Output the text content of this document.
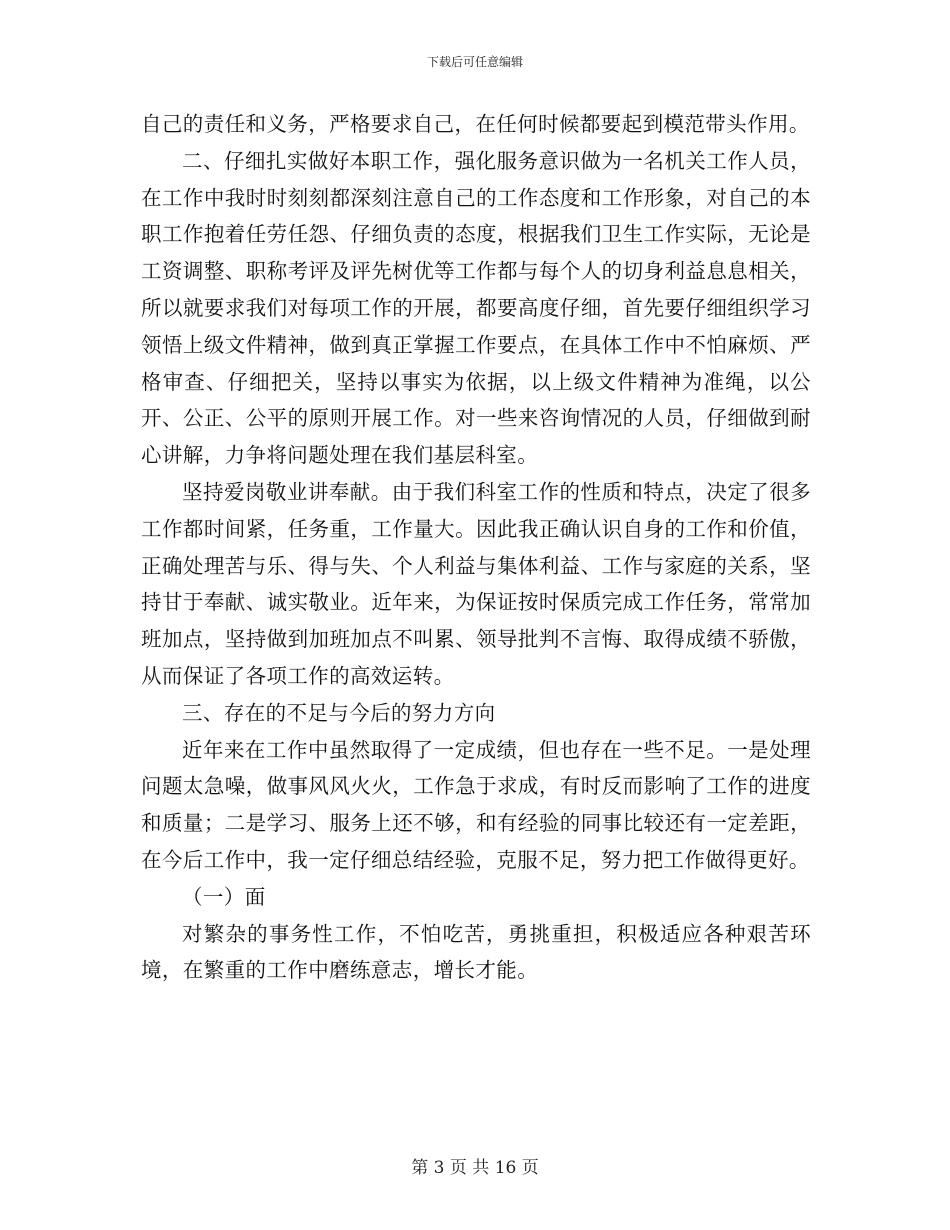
下载后可任意编辑

自己的责任和义务，严格要求自己，在任何时候都要起到模范带头作用。

二、仔细扎实做好本职工作，强化服务意识做为一名机关工作人员，在工作中我时时刻刻都深刻注意自己的工作态度和工作形象，对自己的本职工作抱着任劳任怨、仔细负责的态度，根据我们卫生工作实际，无论是工资调整、职称考评及评先树优等工作都与每个人的切身利益息息相关，所以就要求我们对每项工作的开展，都要高度仔细，首先要仔细组织学习领悟上级文件精神，做到真正掌握工作要点，在具体工作中不怕麻烦、严格审查、仔细把关，坚持以事实为依据，以上级文件精神为准绳，以公开、公正、公平的原则开展工作。对一些来咨询情况的人员，仔细做到耐心讲解，力争将问题处理在我们基层科室。

坚持爱岗敬业讲奉献。由于我们科室工作的性质和特点，决定了很多工作都时间紧，任务重，工作量大。因此我正确认识自身的工作和价值，正确处理苦与乐、得与失、个人利益与集体利益、工作与家庭的关系，坚持甘于奉献、诚实敬业。近年来，为保证按时保质完成工作任务，常常加班加点，坚持做到加班加点不叫累、领导批判不言悔、取得成绩不骄傲，从而保证了各项工作的高效运转。

三、存在的不足与今后的努力方向

近年来在工作中虽然取得了一定成绩，但也存在一些不足。一是处理问题太急噪，做事风风火火，工作急于求成，有时反而影响了工作的进度和质量；二是学习、服务上还不够，和有经验的同事比较还有一定差距，在今后工作中，我一定仔细总结经验，克服不足，努力把工作做得更好。

（一）面

对繁杂的事务性工作，不怕吃苦，勇挑重担，积极适应各种艰苦环境，在繁重的工作中磨练意志，增长才能。

第 3 页 共 16 页
